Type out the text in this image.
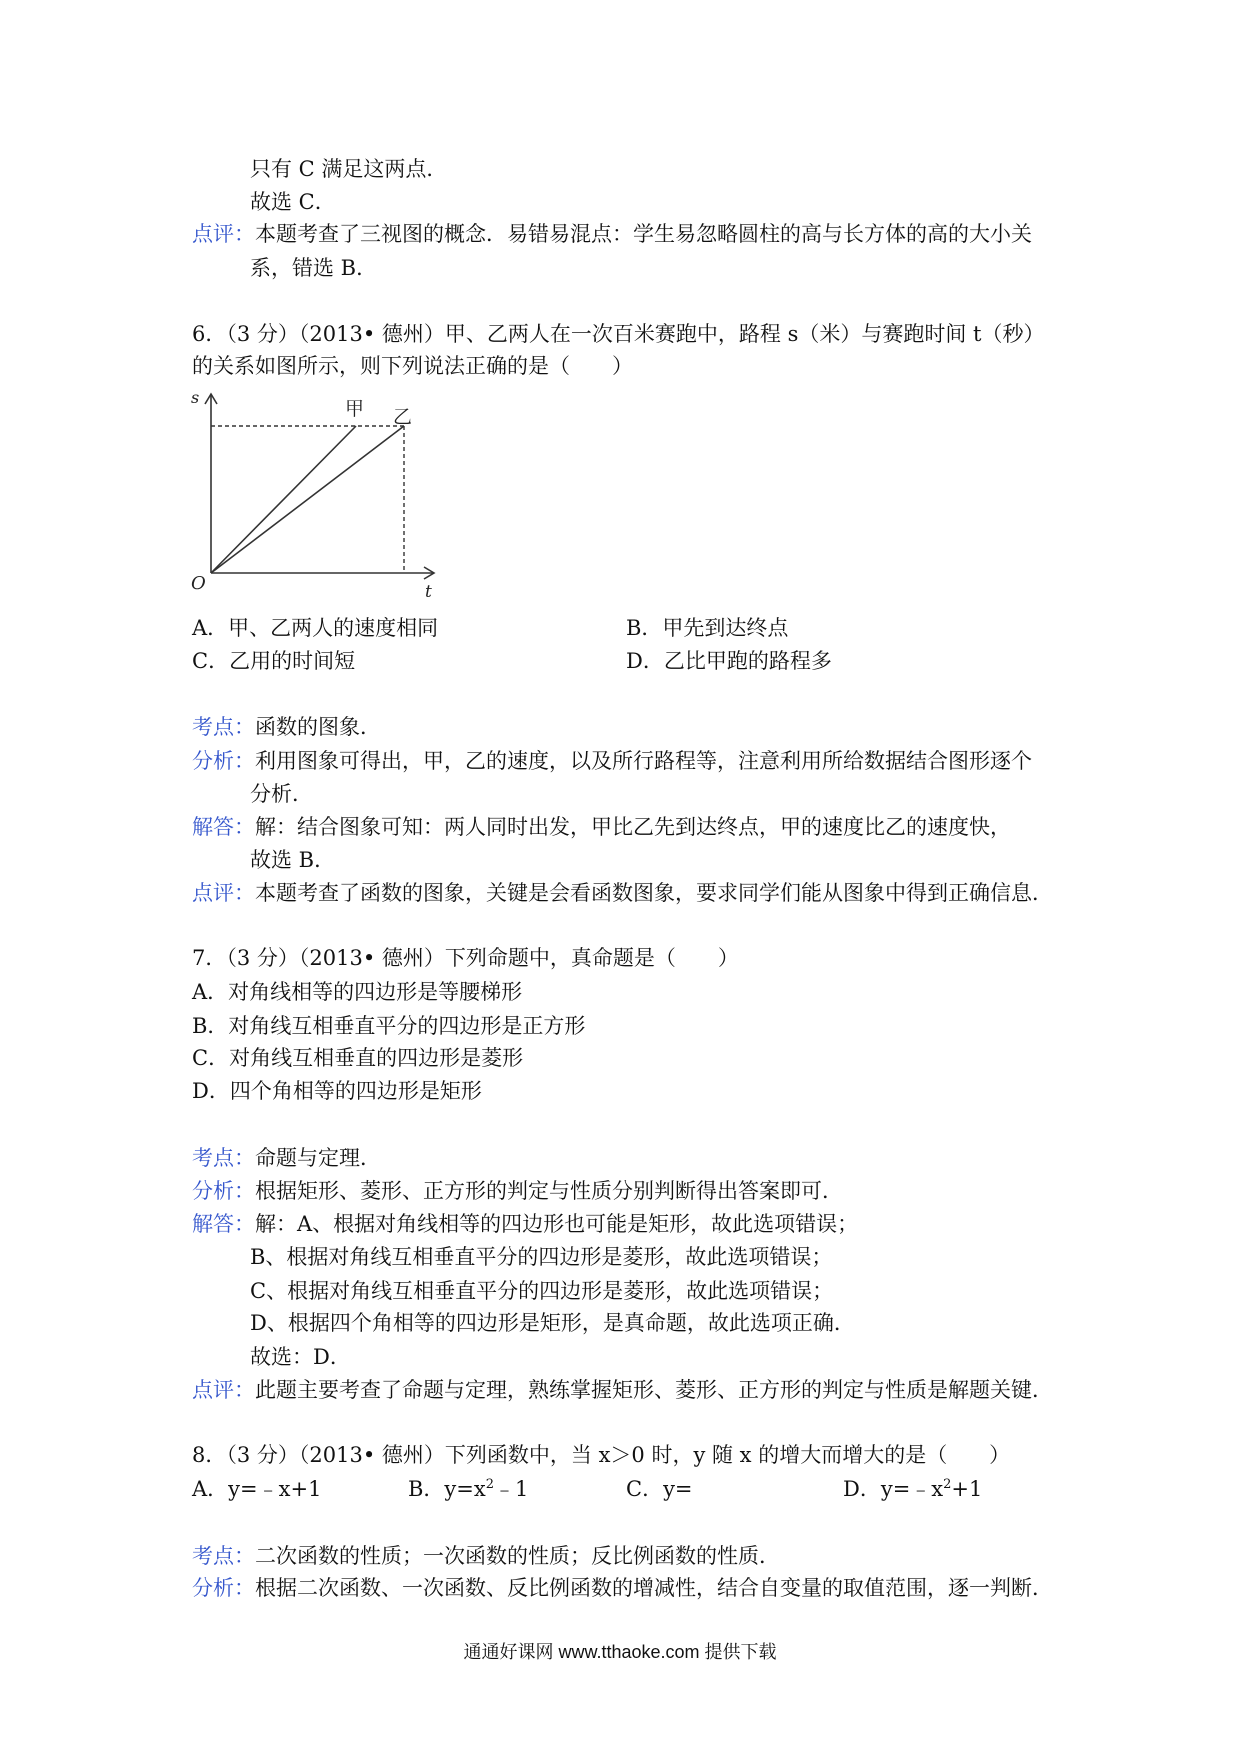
只有 C 满足这两点．
故选 C．
点评：本题考查了三视图的概念．易错易混点：学生易忽略圆柱的高与长方体的高的大小关
系，错选 B．
6．（3 分）（2013• 德州）甲、乙两人在一次百米赛跑中，路程 s（米）与赛跑时间 t（秒）
的关系如图所示，则下列说法正确的是（　　）
s
O	t
甲 乙
A．甲、乙两人的速度相同	B．甲先到达终点
C．乙用的时间短	D．乙比甲跑的路程多
考点：函数的图象．
分析：利用图象可得出，甲，乙的速度，以及所行路程等，注意利用所给数据结合图形逐个
分析．
解答：解：结合图象可知：两人同时出发，甲比乙先到达终点，甲的速度比乙的速度快，
故选 B．
点评：本题考查了函数的图象，关键是会看函数图象，要求同学们能从图象中得到正确信息．
7．（3 分）（2013• 德州）下列命题中，真命题是（　　）
A．对角线相等的四边形是等腰梯形
B．对角线互相垂直平分的四边形是正方形
C．对角线互相垂直的四边形是菱形
D．四个角相等的四边形是矩形
考点：命题与定理．
分析：根据矩形、菱形、正方形的判定与性质分别判断得出答案即可．
解答：解：A、根据对角线相等的四边形也可能是矩形，故此选项错误；
B、根据对角线互相垂直平分的四边形是菱形，故此选项错误；
C、根据对角线互相垂直平分的四边形是菱形，故此选项错误；
D、根据四个角相等的四边形是矩形，是真命题，故此选项正确．
故选：D．
点评：此题主要考查了命题与定理，熟练掌握矩形、菱形、正方形的判定与性质是解题关键．
8．（3 分）（2013• 德州）下列函数中，当 x＞0 时，y 随 x 的增大而增大的是（　　）
A．y=﹣x+1	B．$y=x^2﹣1$	C．y=	D．$y=﹣x^2+1$
考点：二次函数的性质；一次函数的性质；反比例函数的性质．
分析：根据二次函数、一次函数、反比例函数的增减性，结合自变量的取值范围，逐一判断．
通通好课网 www.tthaoke.com 提供下载
